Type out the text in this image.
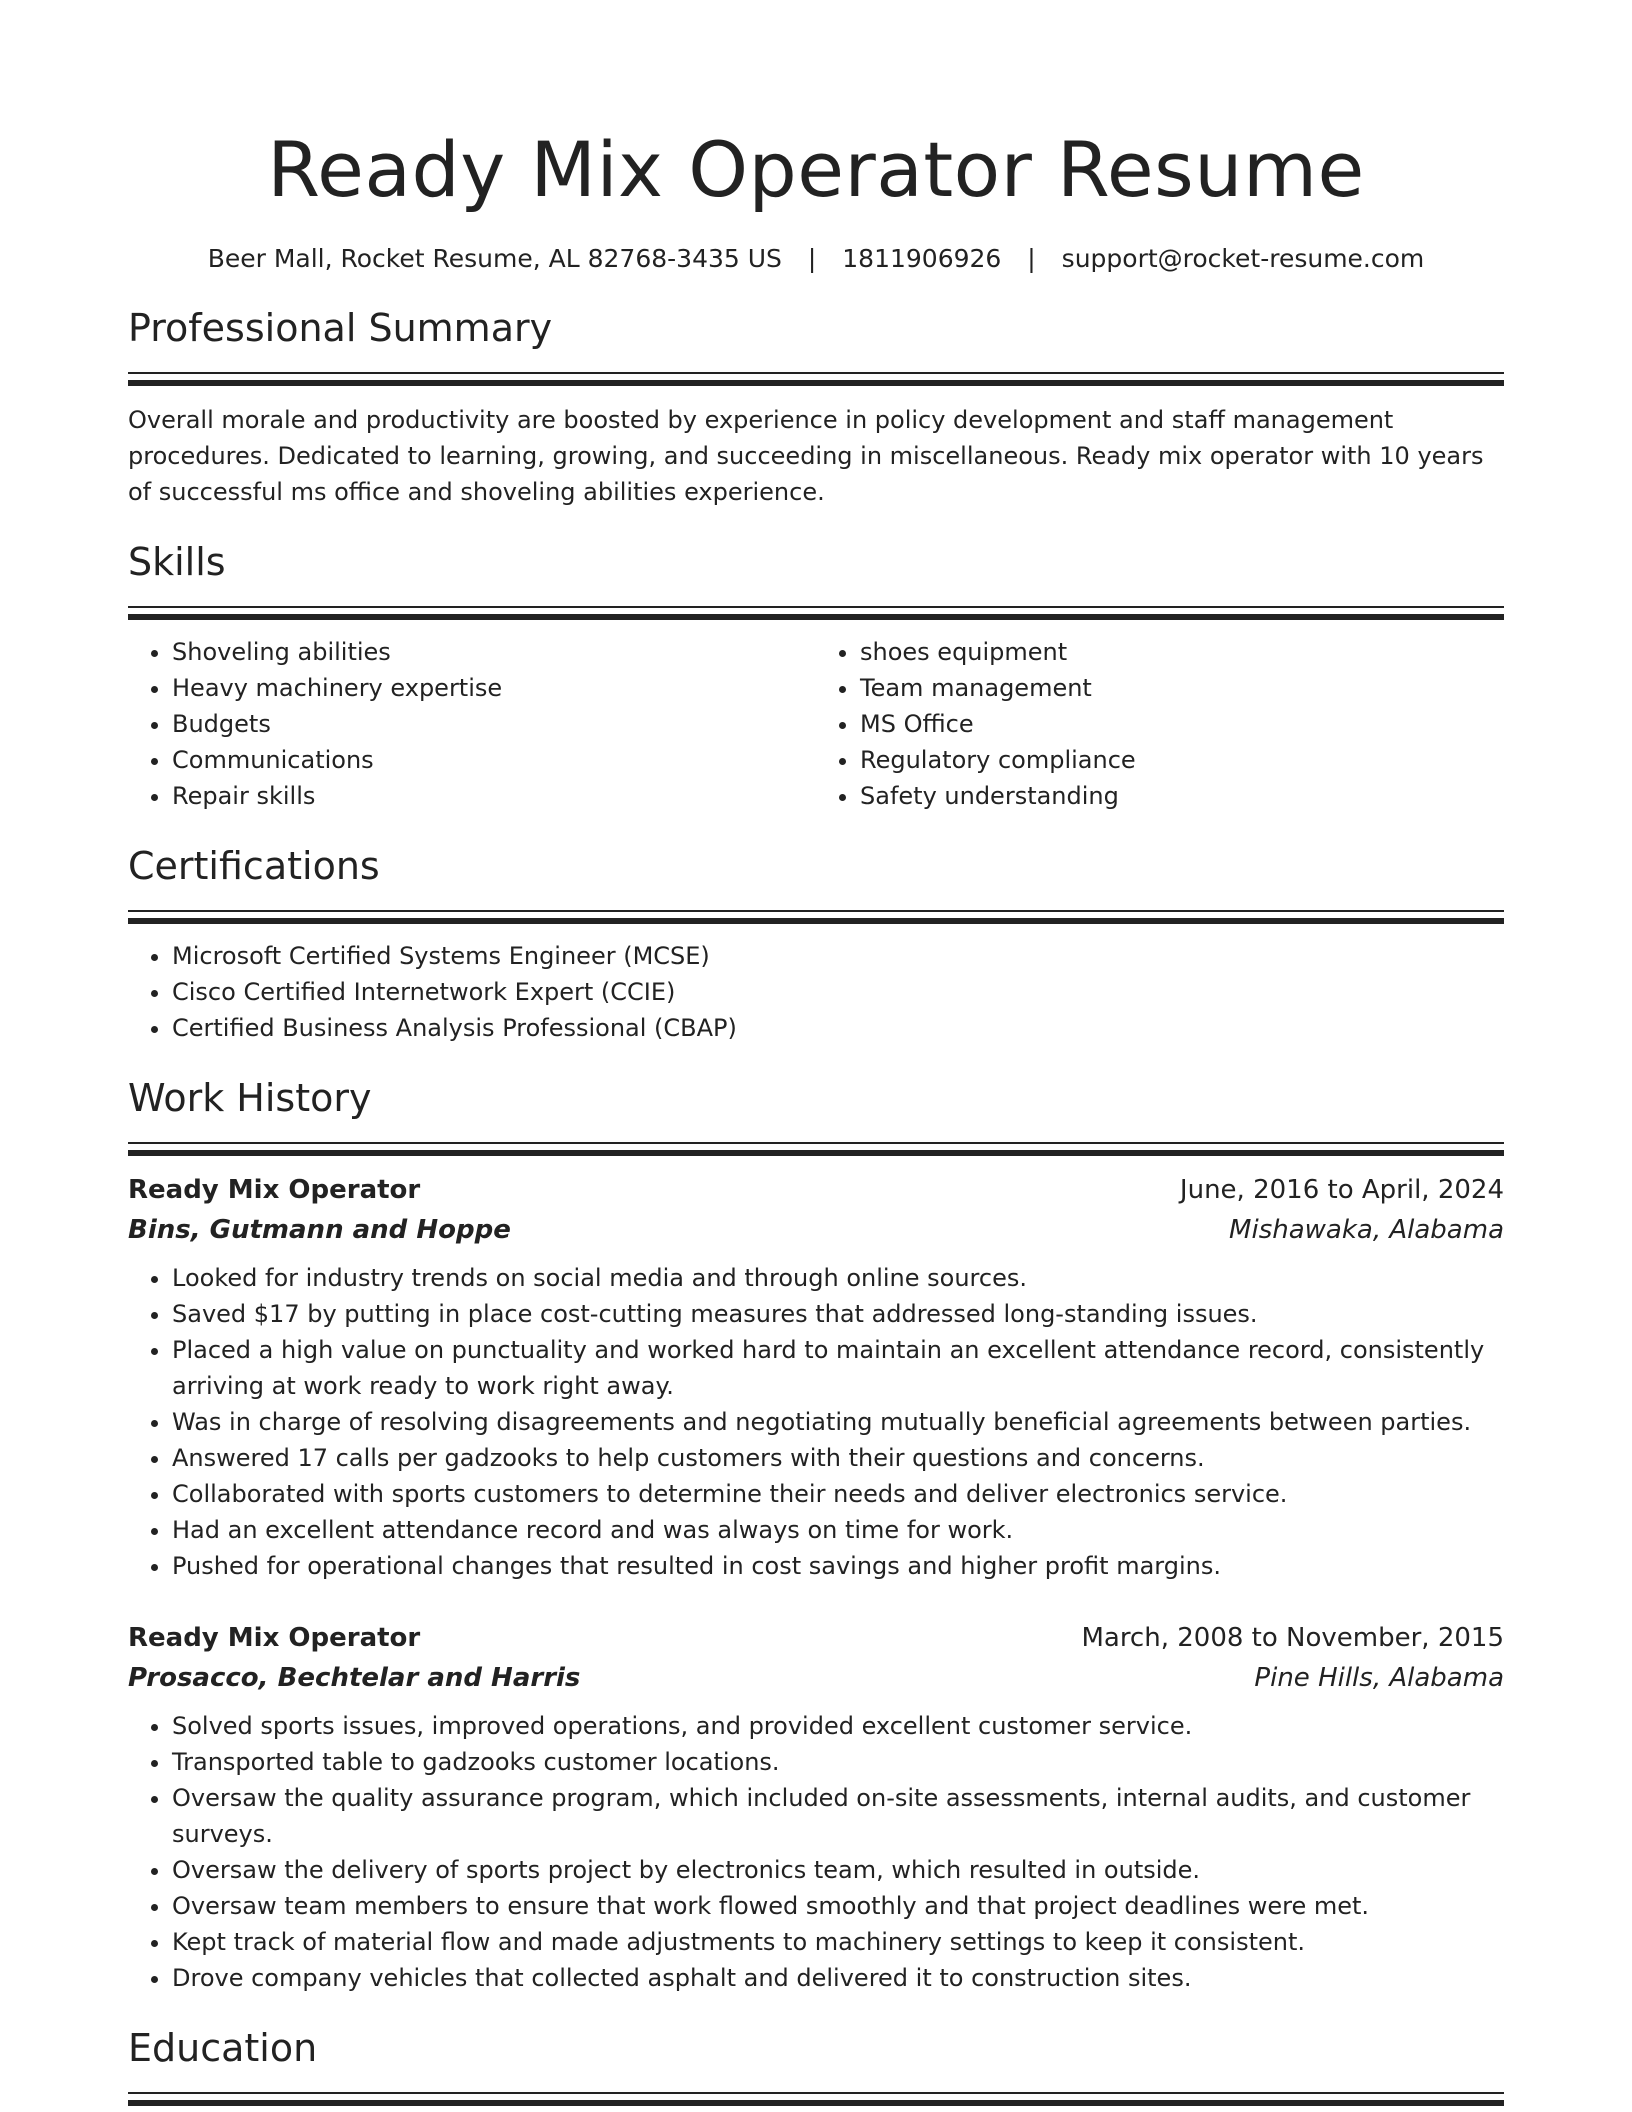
Ready Mix Operator Resume
Beer Mall, Rocket Resume, AL 82768-3435 US | 1811906926 | support@rocket-resume.com
Professional Summary

Overall morale and productivity are boosted by experience in policy development and staff management procedures. Dedicated to learning, growing, and succeeding in miscellaneous. Ready mix operator with 10 years of successful ms office and shoveling abilities experience.

Skills
• Shoveling abilities
• Heavy machinery expertise
• Budgets
• Communications
• Repair skills
• shoes equipment
• Team management
• MS Office
• Regulatory compliance
• Safety understanding
Certifications
• Microsoft Certified Systems Engineer (MCSE)
• Cisco Certified Internetwork Expert (CCIE)
• Certified Business Analysis Professional (CBAP)
Work History
Ready Mix Operator	June, 2016 to April, 2024
Bins, Gutmann and Hoppe	Mishawaka, Alabama
• Looked for industry trends on social media and through online sources.
• Saved $17 by putting in place cost-cutting measures that addressed long-standing issues.
• Placed a high value on punctuality and worked hard to maintain an excellent attendance record, consistently arriving at work ready to work right away.
• Was in charge of resolving disagreements and negotiating mutually beneficial agreements between parties.
• Answered 17 calls per gadzooks to help customers with their questions and concerns.
• Collaborated with sports customers to determine their needs and deliver electronics service.
• Had an excellent attendance record and was always on time for work.
• Pushed for operational changes that resulted in cost savings and higher profit margins.
Ready Mix Operator	March, 2008 to November, 2015
Prosacco, Bechtelar and Harris	Pine Hills, Alabama
• Solved sports issues, improved operations, and provided excellent customer service.
• Transported table to gadzooks customer locations.
• Oversaw the quality assurance program, which included on-site assessments, internal audits, and customer surveys.
• Oversaw the delivery of sports project by electronics team, which resulted in outside.
• Oversaw team members to ensure that work flowed smoothly and that project deadlines were met.
• Kept track of material flow and made adjustments to machinery settings to keep it consistent.
• Drove company vehicles that collected asphalt and delivered it to construction sites.
Education
